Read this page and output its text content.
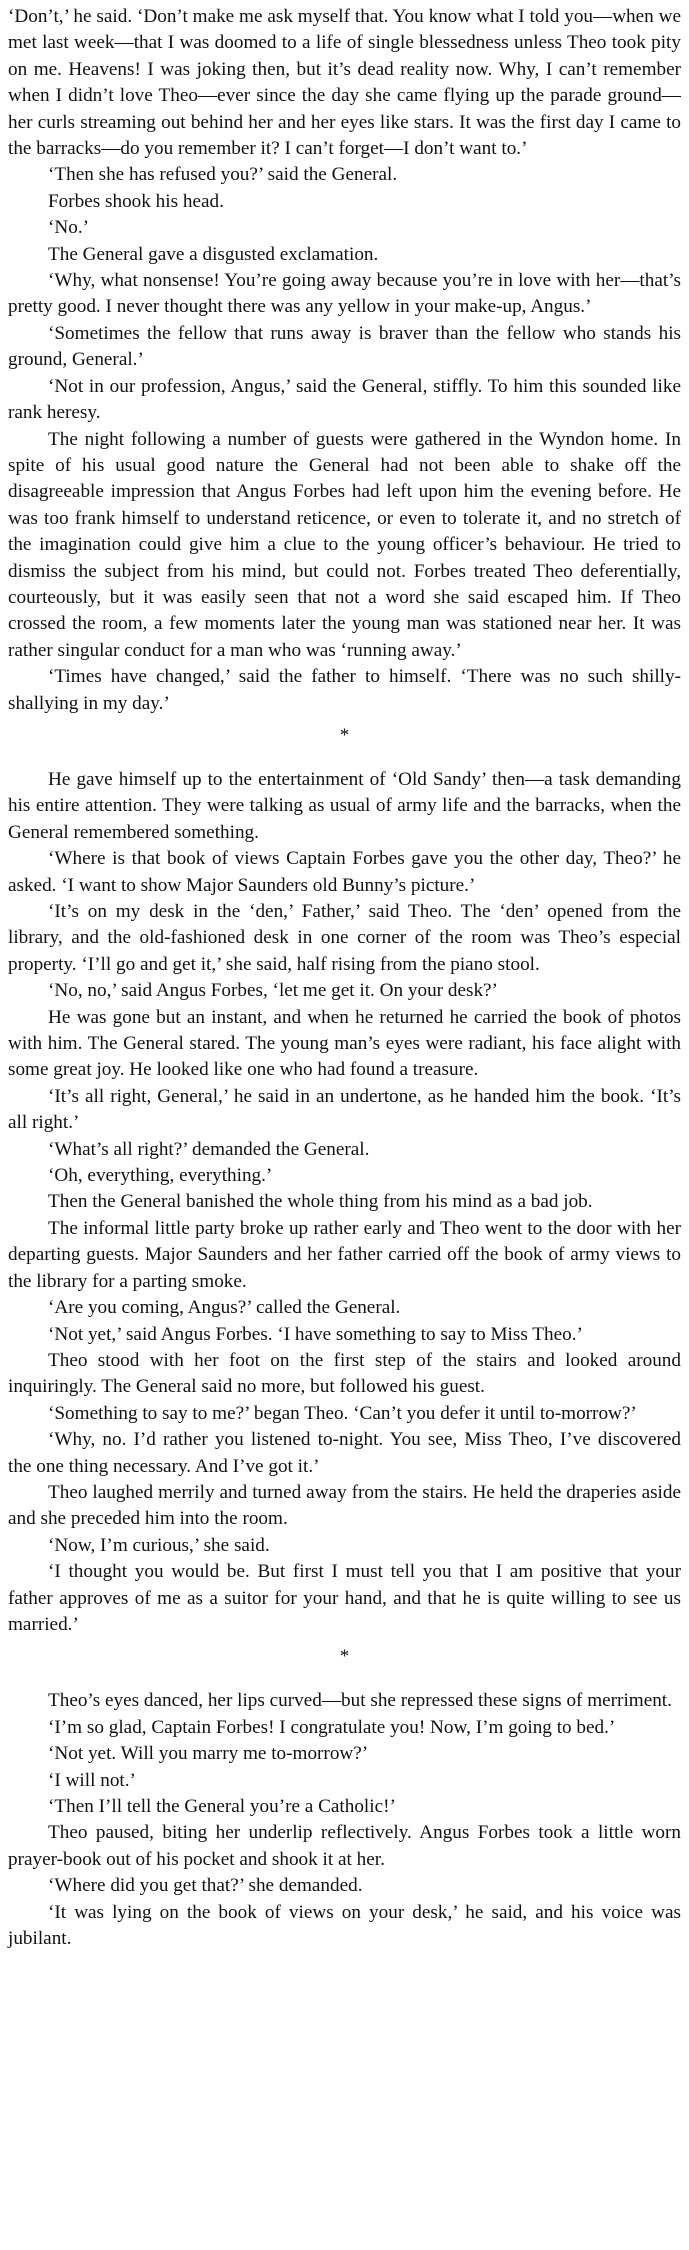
‘Don’t,’ he said. ‘Don’t make me ask myself that. You know what I told you—when we met last week—that I was doomed to a life of single blessedness unless Theo took pity on me. Heavens! I was joking then, but it’s dead reality now. Why, I can’t remember when I didn’t love Theo—ever since the day she came flying up the parade ground—her curls streaming out behind her and her eyes like stars. It was the first day I came to the barracks—do you remember it? I can’t forget—I don’t want to.’

‘Then she has refused you?’ said the General.

Forbes shook his head.

‘No.’

The General gave a disgusted exclamation.

‘Why, what nonsense! You’re going away because you’re in love with her—that’s pretty good. I never thought there was any yellow in your make-up, Angus.’

‘Sometimes the fellow that runs away is braver than the fellow who stands his ground, General.’

‘Not in our profession, Angus,’ said the General, stiffly. To him this sounded like rank heresy.

The night following a number of guests were gathered in the Wyndon home. In spite of his usual good nature the General had not been able to shake off the disagreeable impression that Angus Forbes had left upon him the evening before. He was too frank himself to understand reticence, or even to tolerate it, and no stretch of the imagination could give him a clue to the young officer’s behaviour. He tried to dismiss the subject from his mind, but could not. Forbes treated Theo deferentially, courteously, but it was easily seen that not a word she said escaped him. If Theo crossed the room, a few moments later the young man was stationed near her. It was rather singular conduct for a man who was ‘running away.’

‘Times have changed,’ said the father to himself. ‘There was no such shilly-shallying in my day.’

*

He gave himself up to the entertainment of ‘Old Sandy’ then—a task demanding his entire attention. They were talking as usual of army life and the barracks, when the General remembered something.

‘Where is that book of views Captain Forbes gave you the other day, Theo?’ he asked. ‘I want to show Major Saunders old Bunny’s picture.’

‘It’s on my desk in the ‘den,’ Father,’ said Theo. The ‘den’ opened from the library, and the old-fashioned desk in one corner of the room was Theo’s especial property. ‘I’ll go and get it,’ she said, half rising from the piano stool.

‘No, no,’ said Angus Forbes, ‘let me get it. On your desk?’

He was gone but an instant, and when he returned he carried the book of photos with him. The General stared. The young man’s eyes were radiant, his face alight with some great joy. He looked like one who had found a treasure.

‘It’s all right, General,’ he said in an undertone, as he handed him the book. ‘It’s all right.’

‘What’s all right?’ demanded the General.

‘Oh, everything, everything.’

Then the General banished the whole thing from his mind as a bad job.

The informal little party broke up rather early and Theo went to the door with her departing guests. Major Saunders and her father carried off the book of army views to the library for a parting smoke.

‘Are you coming, Angus?’ called the General.

‘Not yet,’ said Angus Forbes. ‘I have something to say to Miss Theo.’

Theo stood with her foot on the first step of the stairs and looked around inquiringly. The General said no more, but followed his guest.

‘Something to say to me?’ began Theo. ‘Can’t you defer it until to-morrow?’

‘Why, no. I’d rather you listened to-night. You see, Miss Theo, I’ve discovered the one thing necessary. And I’ve got it.’

Theo laughed merrily and turned away from the stairs. He held the draperies aside and she preceded him into the room.

‘Now, I’m curious,’ she said.

‘I thought you would be. But first I must tell you that I am positive that your father approves of me as a suitor for your hand, and that he is quite willing to see us married.’

*

Theo’s eyes danced, her lips curved—but she repressed these signs of merriment.

‘I’m so glad, Captain Forbes! I congratulate you! Now, I’m going to bed.’

‘Not yet. Will you marry me to-morrow?’

‘I will not.’

‘Then I’ll tell the General you’re a Catholic!’

Theo paused, biting her underlip reflectively. Angus Forbes took a little worn prayer-book out of his pocket and shook it at her.

‘Where did you get that?’ she demanded.

‘It was lying on the book of views on your desk,’ he said, and his voice was jubilant.
